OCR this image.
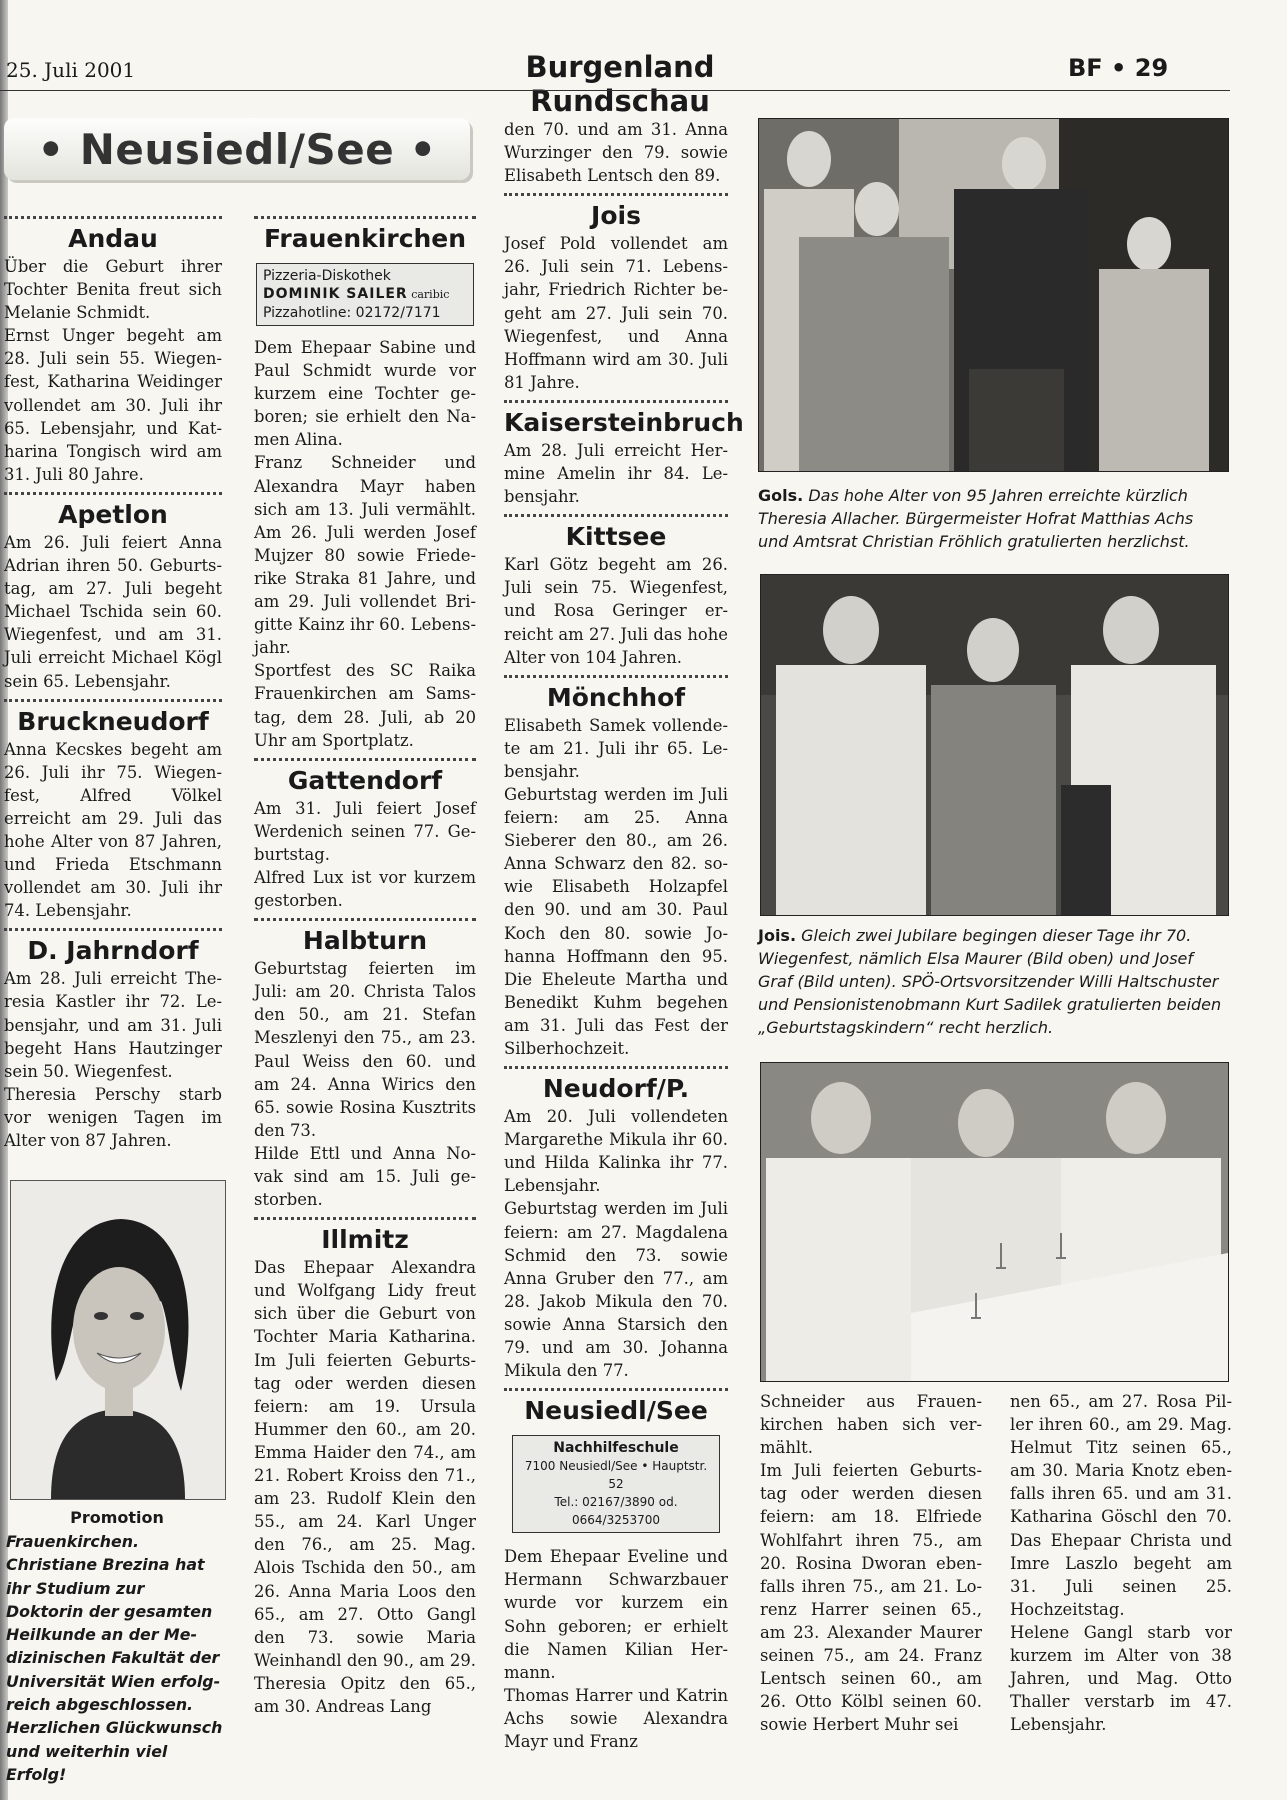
25. Juli 2001	Burgenland Rundschau
BF • 29
• Neusiedl/See •
Andau

Über die Geburt ihrer Tochter Benita freut sich Melanie Schmidt.

Ernst Unger begeht am 28. Juli sein 55. Wiegenfest, Katharina Weidinger vollendet am 30. Juli ihr 65. Lebensjahr, und Katharina Tongisch wird am 31. Juli 80 Jahre.

Apetlon

Am 26. Juli feiert Anna Adrian ihren 50. Geburtstag, am 27. Juli begeht Michael Tschida sein 60. Wiegenfest, und am 31. Juli erreicht Michael Kögl sein 65. Lebensjahr.

Bruckneudorf

Anna Kecskes begeht am 26. Juli ihr 75. Wiegenfest, Alfred Völkel erreicht am 29. Juli das hohe Alter von 87 Jahren, und Frieda Etschmann vollendet am 30. Juli ihr 74. Lebensjahr.

D. Jahrndorf

Am 28. Juli erreicht Theresia Kastler ihr 72. Lebensjahr, und am 31. Juli begeht Hans Hautzinger sein 50. Wiegenfest.

Theresia Perschy starb vor wenigen Tagen im Alter von 87 Jahren.

Frauenkirchen
Pizzeria-Diskothek
DOMINIK SAILER caribic
Pizzahotline: 02172/7171

Dem Ehepaar Sabine und Paul Schmidt wurde vor kurzem eine Tochter geboren; sie erhielt den Namen Alina.

Franz Schneider und Alexandra Mayr haben sich am 13. Juli vermählt. Am 26. Juli werden Josef Mujzer 80 sowie Friederike Straka 81 Jahre, und am 29. Juli vollendet Brigitte Kainz ihr 60. Lebensjahr.

Sportfest des SC Raika Frauenkirchen am Samstag, dem 28. Juli, ab 20 Uhr am Sportplatz.

Gattendorf

Am 31. Juli feiert Josef Werdenich seinen 77. Geburtstag.

Alfred Lux ist vor kurzem gestorben.

Halbturn

Geburtstag feierten im Juli: am 20. Christa Talos den 50., am 21. Stefan Meszlenyi den 75., am 23. Paul Weiss den 60. und am 24. Anna Wirics den 65. sowie Rosina Kusztrits den 73.

Hilde Ettl und Anna Novak sind am 15. Juli gestorben.

Illmitz

Das Ehepaar Alexandra und Wolfgang Lidy freut sich über die Geburt von Tochter Maria Katharina. Im Juli feierten Geburtstag oder werden diesen feiern: am 19. Ursula Hummer den 60., am 20. Emma Haider den 74., am 21. Robert Kroiss den 71., am 23. Rudolf Klein den 55., am 24. Karl Unger den 76., am 25. Mag. Alois Tschida den 50., am 26. Anna Maria Loos den 65., am 27. Otto Gangl den 73. sowie Maria Weinhandl den 90., am 29. Theresia Opitz den 65., am 30. Andreas Lang

den 70. und am 31. Anna Wurzinger den 79. sowie Elisabeth Lentsch den 89.

Jois

Josef Pold vollendet am 26. Juli sein 71. Lebensjahr, Friedrich Richter begeht am 27. Juli sein 70. Wiegenfest, und Anna Hoffmann wird am 30. Juli 81 Jahre.

Kaisersteinbruch

Am 28. Juli erreicht Hermine Amelin ihr 84. Lebensjahr.

Kittsee

Karl Götz begeht am 26. Juli sein 75. Wiegenfest, und Rosa Geringer erreicht am 27. Juli das hohe Alter von 104 Jahren.

Mönchhof

Elisabeth Samek vollendete am 21. Juli ihr 65. Lebensjahr.

Geburtstag werden im Juli feiern: am 25. Anna Sieberer den 80., am 26. Anna Schwarz den 82. sowie Elisabeth Holzapfel den 90. und am 30. Paul Koch den 80. sowie Johanna Hoffmann den 95. Die Eheleute Martha und Benedikt Kuhm begehen am 31. Juli das Fest der Silberhochzeit.

Neudorf/P.

Am 20. Juli vollendeten Margarethe Mikula ihr 60. und Hilda Kalinka ihr 77. Lebensjahr.

Geburtstag werden im Juli feiern: am 27. Magdalena Schmid den 73. sowie Anna Gruber den 77., am 28. Jakob Mikula den 70. sowie Anna Starsich den 79. und am 30. Johanna Mikula den 77.

Neusiedl/See
Nachhilfeschule
7100 Neusiedl/See • Hauptstr. 52
Tel.: 02167/3890 od. 0664/3253700

Dem Ehepaar Eveline und Hermann Schwarzbauer wurde vor kurzem ein Sohn geboren; er erhielt die Namen Kilian Hermann.

Thomas Harrer und Katrin Achs sowie Alexandra Mayr und Franz

Promotion
Frauenkirchen. Christiane Brezina hat ihr Studium zur Doktorin der gesamten Heilkunde an der Medizinischen Fakultät der Universität Wien erfolgreich abgeschlossen. Herzlichen Glückwunsch und weiterhin viel Erfolg!
Gols. Das hohe Alter von 95 Jahren erreichte kürzlich Theresia Allacher. Bürgermeister Hofrat Matthias Achs und Amtsrat Christian Fröhlich gratulierten herzlichst.
Jois. Gleich zwei Jubilare begingen dieser Tage ihr 70. Wiegenfest, nämlich Elsa Maurer (Bild oben) und Josef Graf (Bild unten). SPÖ-Ortsvorsitzender Willi Haltschuster und Pensionistenobmann Kurt Sadilek gratulierten beiden „Geburtstagskindern“ recht herzlich.

Schneider aus Frauenkirchen haben sich vermählt.

Im Juli feierten Geburtstag oder werden diesen feiern: am 18. Elfriede Wohlfahrt ihren 75., am 20. Rosina Dworan ebenfalls ihren 75., am 21. Lorenz Harrer seinen 65., am 23. Alexander Maurer seinen 75., am 24. Franz Lentsch seinen 60., am 26. Otto Kölbl seinen 60. sowie Herbert Muhr sei

nen 65., am 27. Rosa Piller ihren 60., am 29. Mag. Helmut Titz seinen 65., am 30. Maria Knotz ebenfalls ihren 65. und am 31. Katharina Göschl den 70. Das Ehepaar Christa und Imre Laszlo begeht am 31. Juli seinen 25. Hochzeitstag.

Helene Gangl starb vor kurzem im Alter von 38 Jahren, und Mag. Otto Thaller verstarb im 47. Lebensjahr.
